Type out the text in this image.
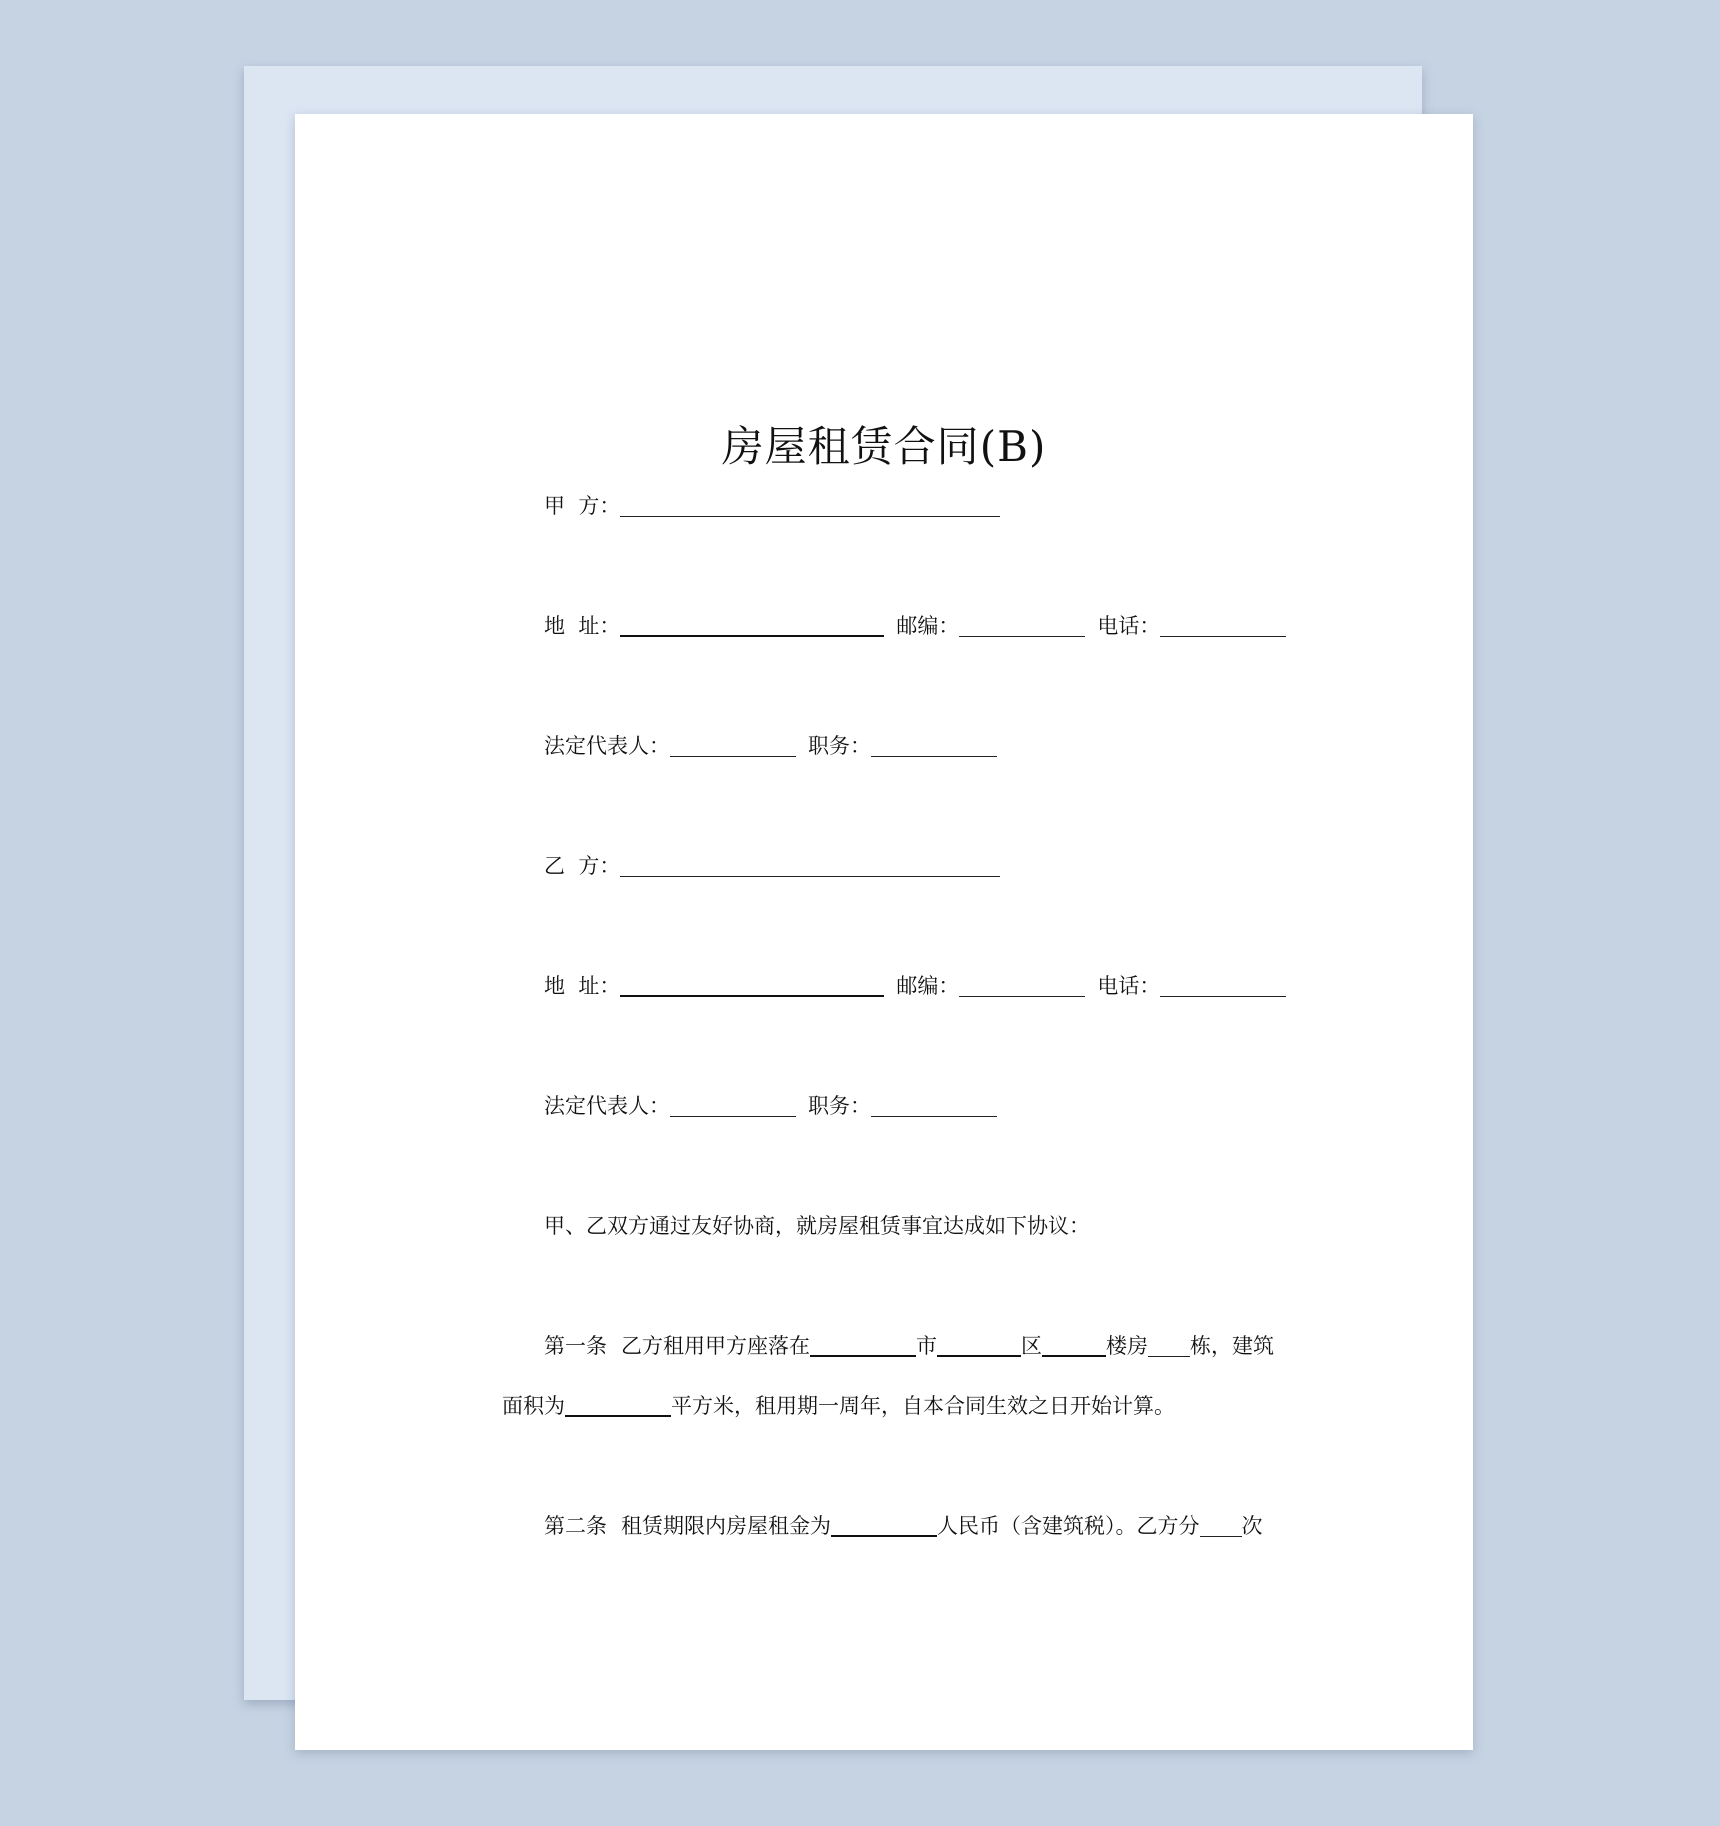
房屋租赁合同(B)
甲  方：
地  址：	邮编：	电话：
法定代表人：	职务：
乙  方：
地  址：	邮编：	电话：
法定代表人：	职务：
甲、乙双方通过友好协商，就房屋租赁事宜达成如下协议：
第一条 乙方租用甲方座落在	市	区	楼房 栋，建筑
面积为	平方米，租用期一周年，自本合同生效之日开始计算。
第二条 租赁期限内房屋租金为	人民币（含建筑税）。乙方分 次
